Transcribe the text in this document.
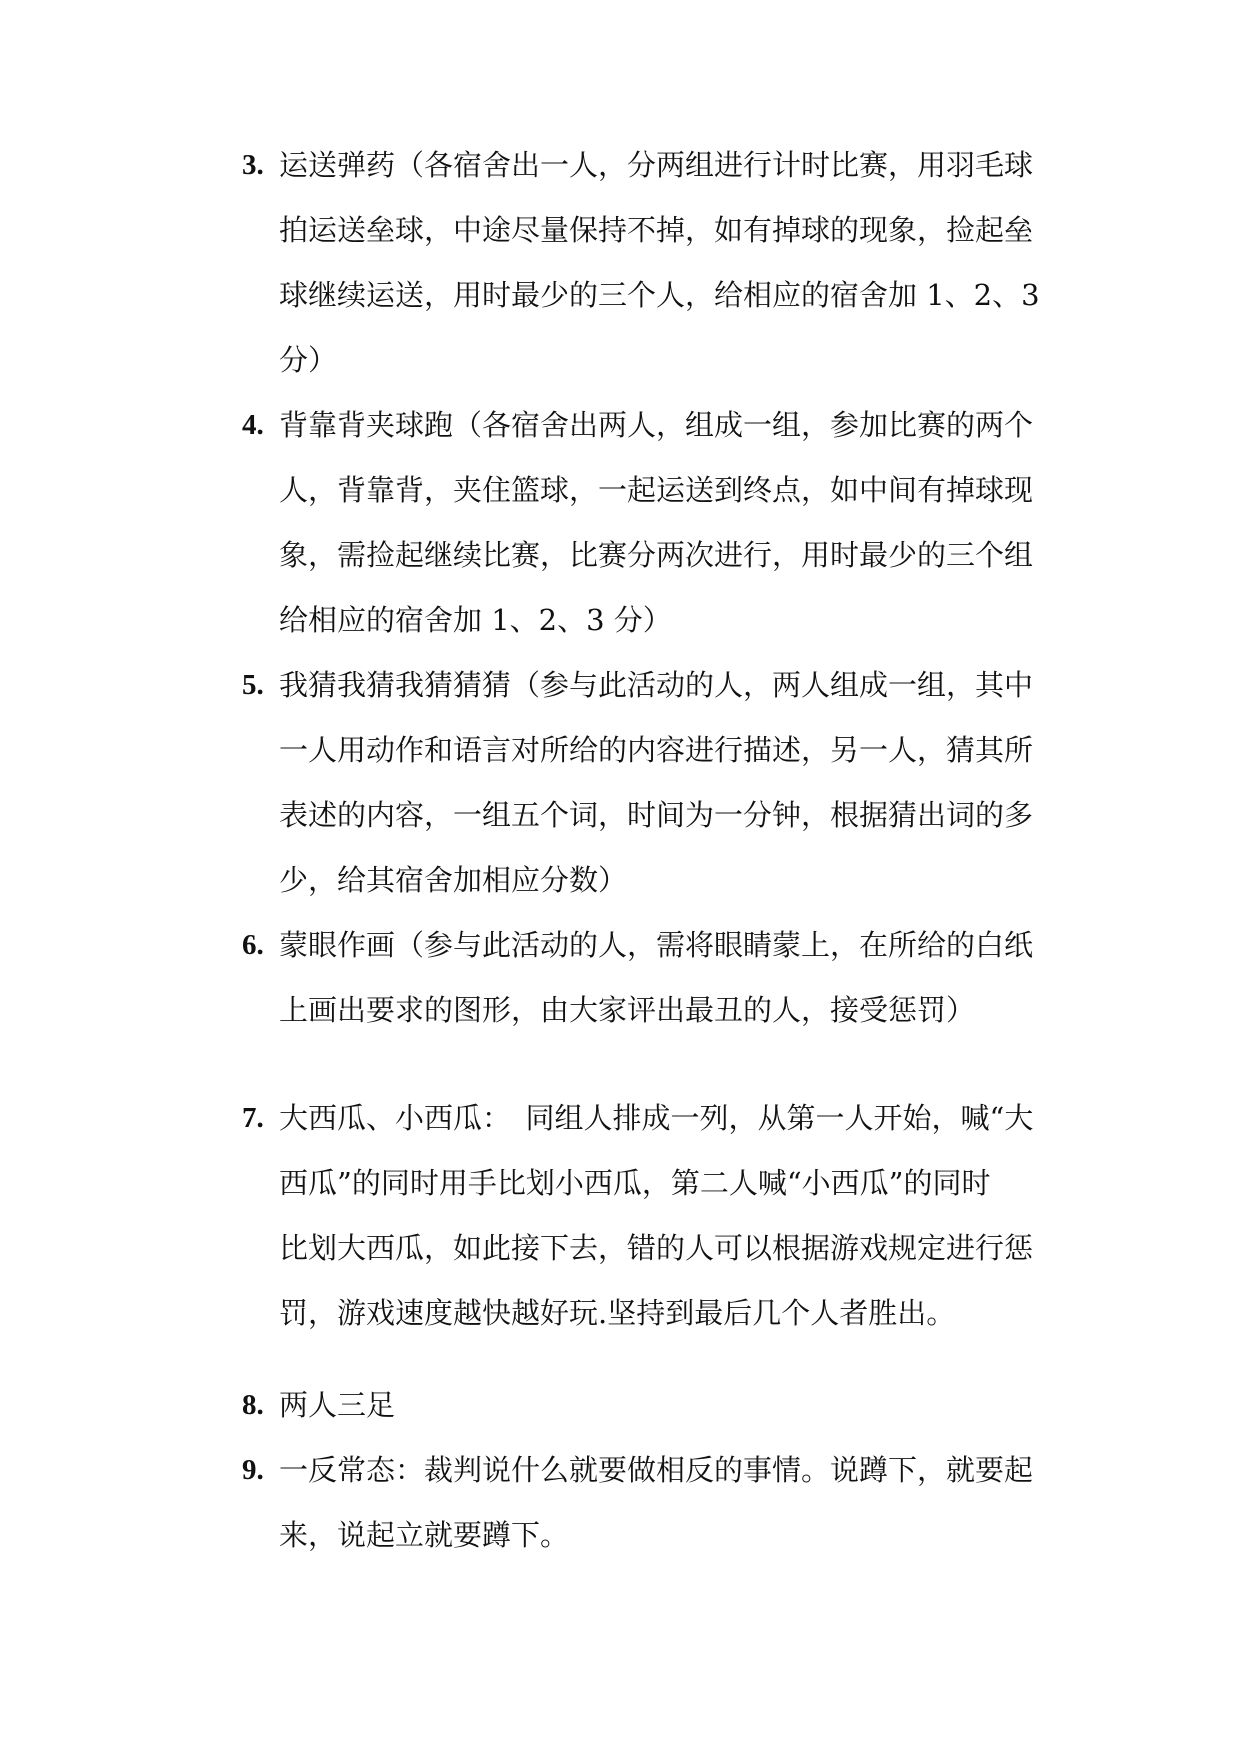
3. 运送弹药（各宿舍出一人，分两组进行计时比赛，用羽毛球
拍运送垒球，中途尽量保持不掉，如有掉球的现象，捡起垒
球继续运送，用时最少的三个人，给相应的宿舍加 1、2、3
分）
4. 背靠背夹球跑（各宿舍出两人，组成一组，参加比赛的两个
人，背靠背，夹住篮球，一起运送到终点，如中间有掉球现
象，需捡起继续比赛，比赛分两次进行，用时最少的三个组
给相应的宿舍加 1、2、3 分）
5. 我猜我猜我猜猜猜（参与此活动的人，两人组成一组，其中
一人用动作和语言对所给的内容进行描述，另一人，猜其所
表述的内容，一组五个词，时间为一分钟，根据猜出词的多
少，给其宿舍加相应分数）
6. 蒙眼作画（参与此活动的人，需将眼睛蒙上，在所给的白纸
上画出要求的图形，由大家评出最丑的人，接受惩罚）
7. 大西瓜、小西瓜：　同组人排成一列，从第一人开始，喊“大
西瓜”的同时用手比划小西瓜，第二人喊“小西瓜”的同时
比划大西瓜，如此接下去，错的人可以根据游戏规定进行惩
罚，游戏速度越快越好玩.坚持到最后几个人者胜出。
8. 两人三足
9. 一反常态：裁判说什么就要做相反的事情。说蹲下，就要起
来，说起立就要蹲下。
